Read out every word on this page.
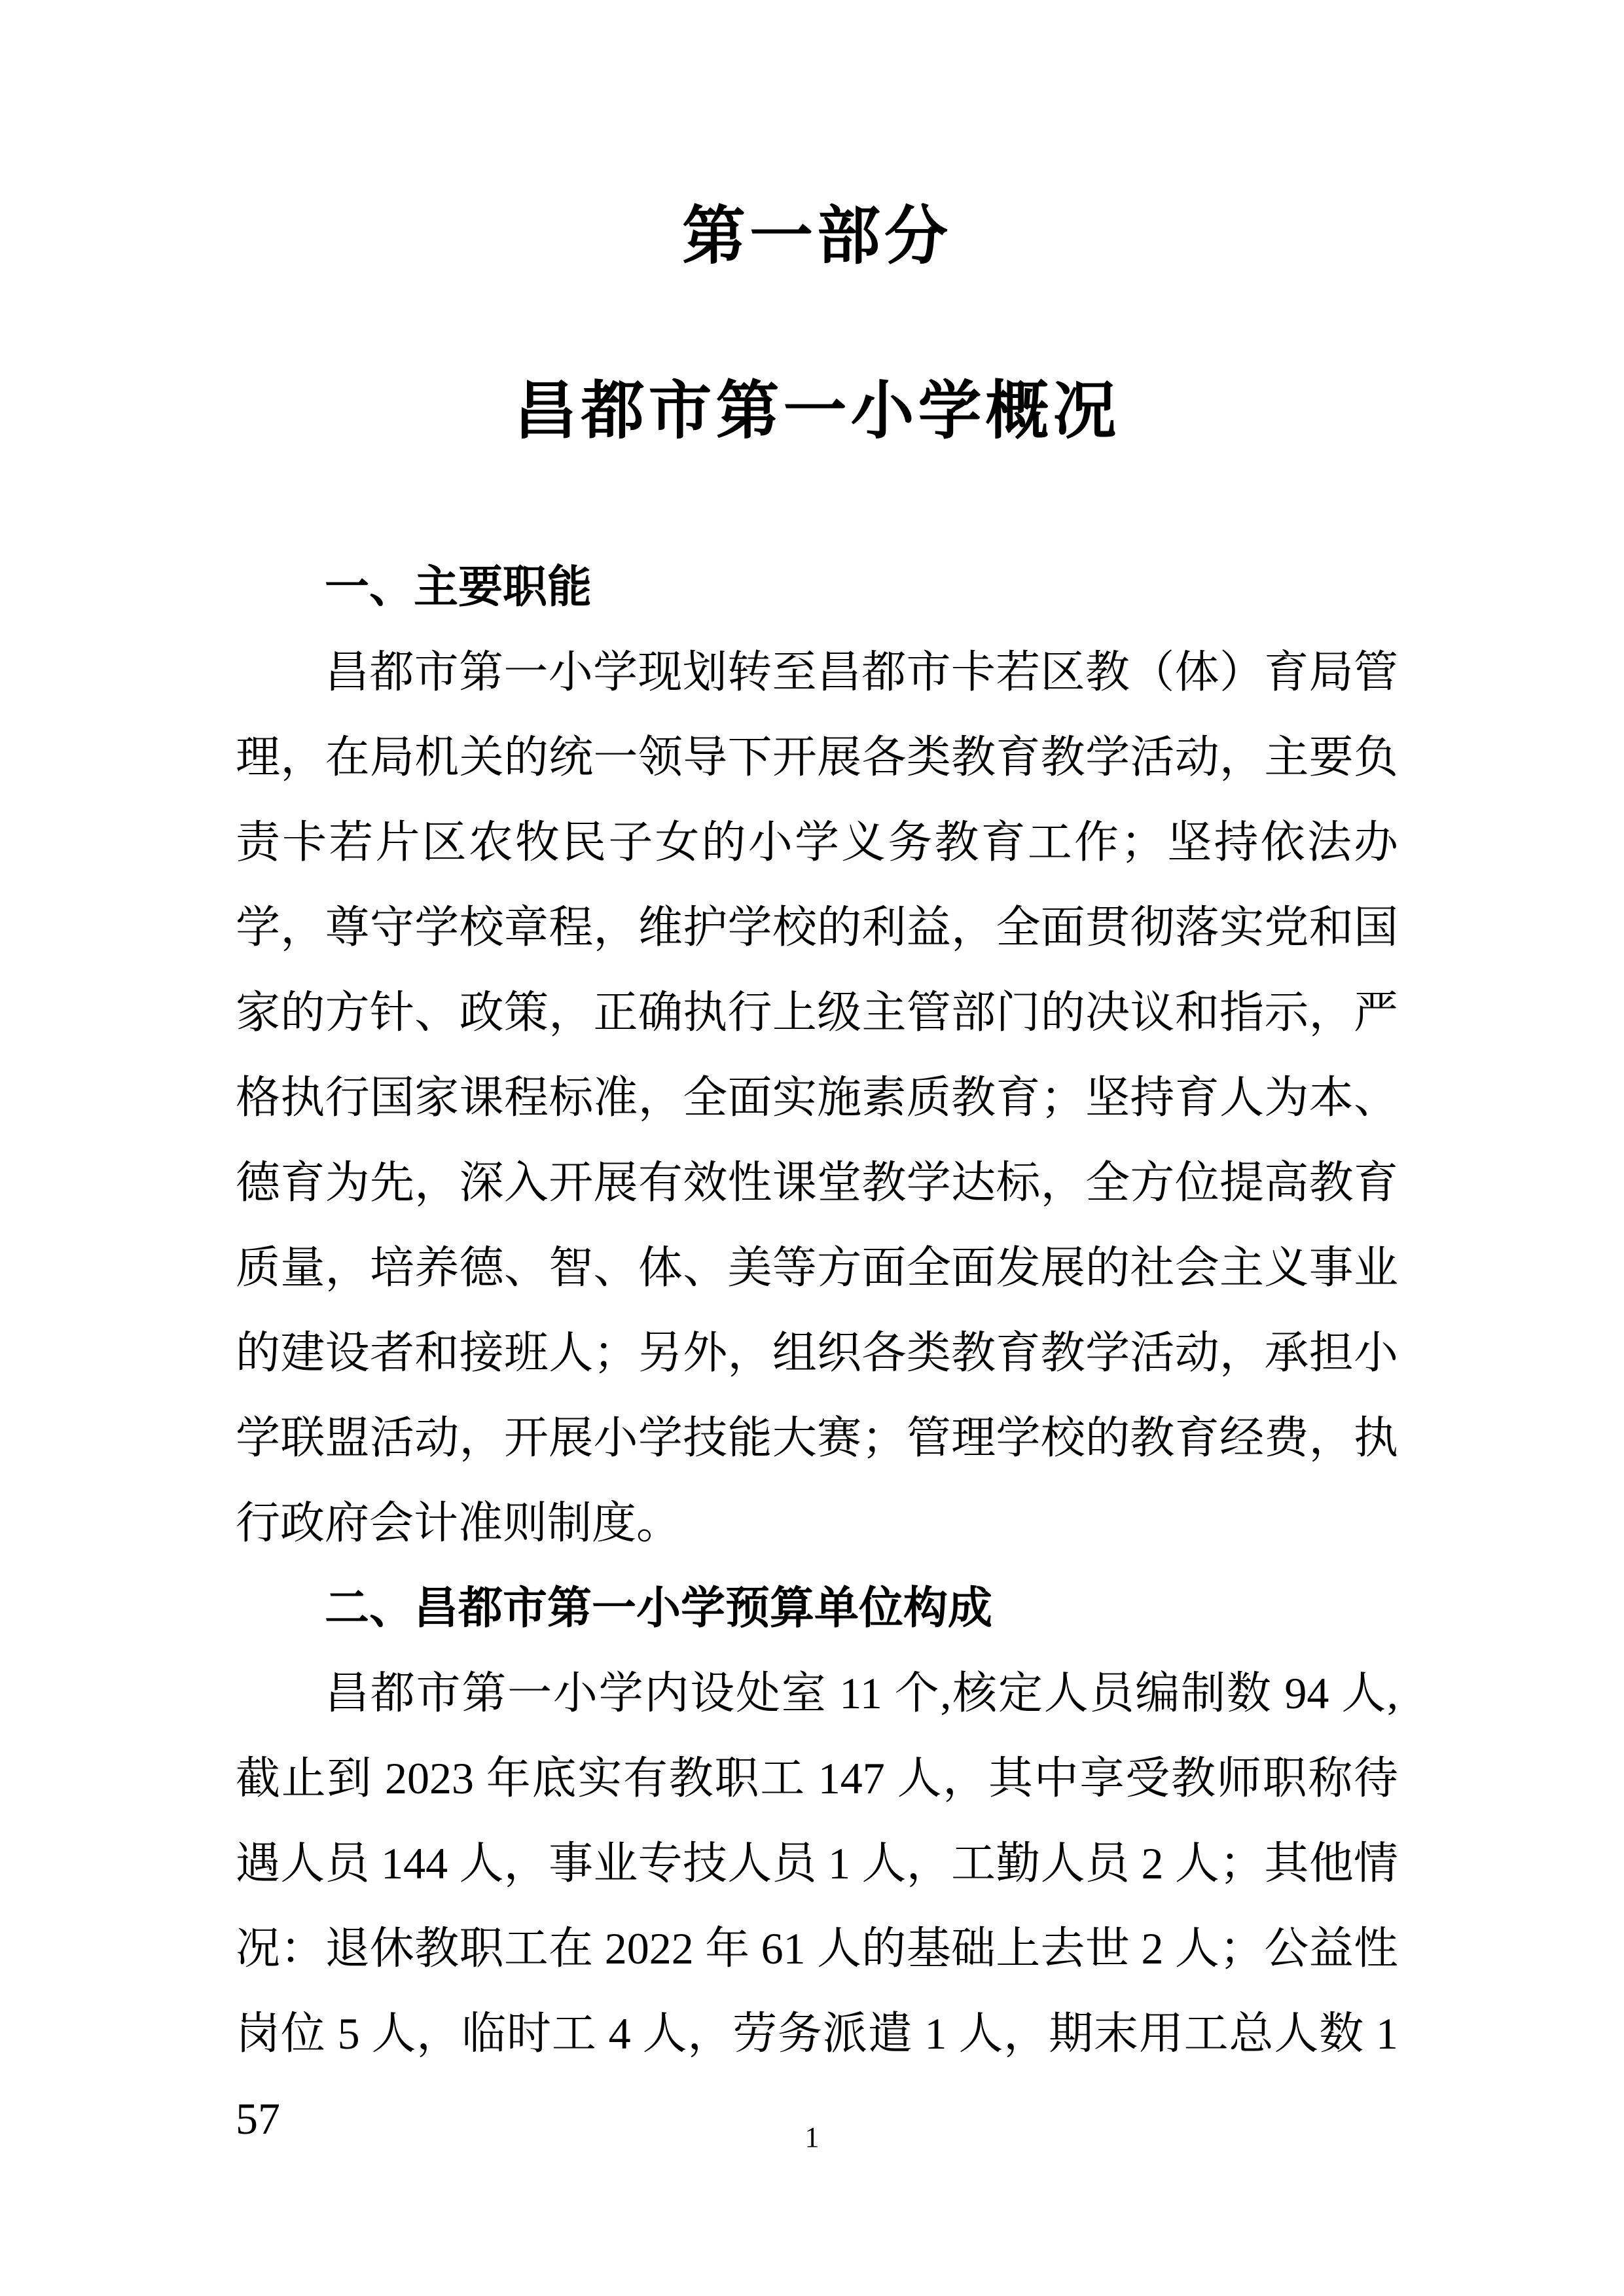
第一部分
昌都市第一小学概况
一、主要职能
昌都市第一小学现划转至昌都市卡若区教（体）育局管
理，在局机关的统一领导下开展各类教育教学活动，主要负
责卡若片区农牧民子女的小学义务教育工作；坚持依法办
学，尊守学校章程，维护学校的利益，全面贯彻落实党和国
家的方针、政策，正确执行上级主管部门的决议和指示，严
格执行国家课程标准，全面实施素质教育；坚持育人为本、
德育为先，深入开展有效性课堂教学达标，全方位提高教育
质量，培养德、智、体、美等方面全面发展的社会主义事业
的建设者和接班人；另外，组织各类教育教学活动，承担小
学联盟活动，开展小学技能大赛；管理学校的教育经费，执
行政府会计准则制度。
二、昌都市第一小学预算单位构成
昌都市第一小学内设处室 11 个,核定人员编制数 94 人,
截止到 2023 年底实有教职工 147 人，其中享受教师职称待
遇人员 144 人，事业专技人员 1 人，工勤人员 2 人；其他情
况：退休教职工在 2022 年 61 人的基础上去世 2 人；公益性
岗位 5 人，临时工 4 人，劳务派遣 1 人，期末用工总人数 157	1
